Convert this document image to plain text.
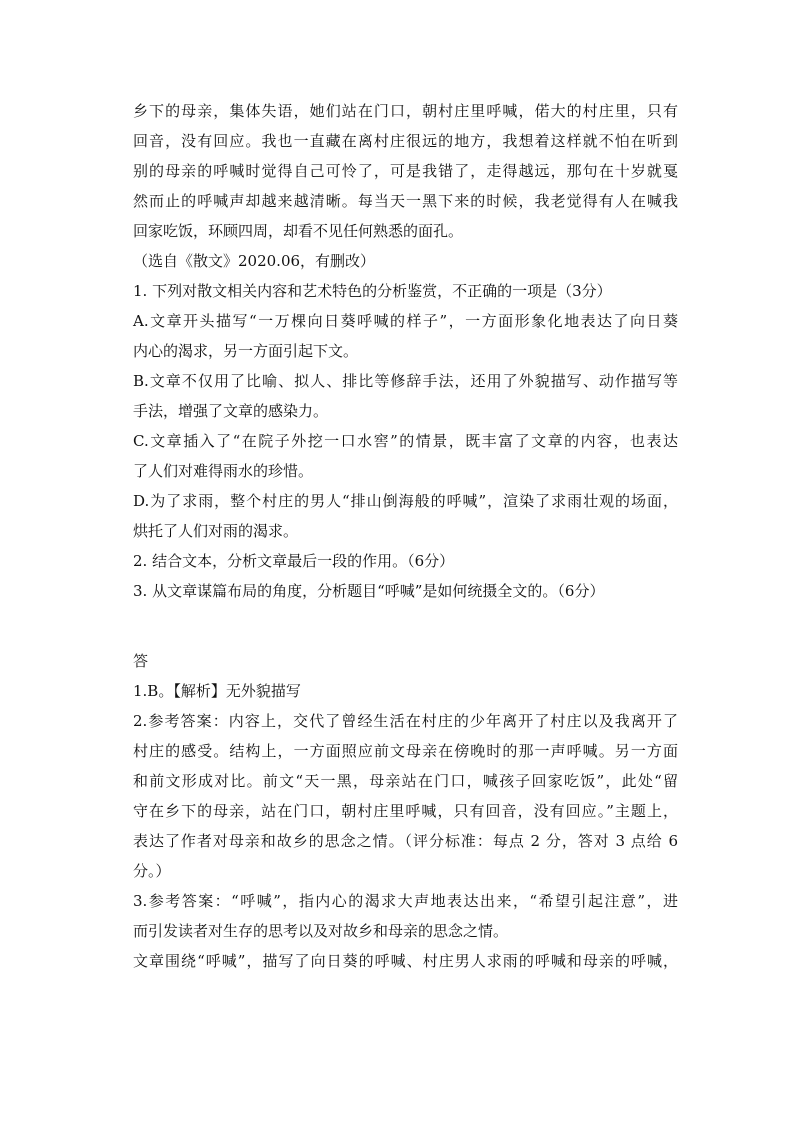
乡下的母亲，集体失语，她们站在门口，朝村庄里呼喊，偌大的村庄里，只有
回音，没有回应。我也一直藏在离村庄很远的地方，我想着这样就不怕在听到
别的母亲的呼喊时觉得自己可怜了，可是我错了，走得越远，那句在十岁就戛
然而止的呼喊声却越来越清晰。每当天一黑下来的时候，我老觉得有人在喊我
回家吃饭，环顾四周，却看不见任何熟悉的面孔。
（选自《散文》2020.06，有删改）
1. 下列对散文相关内容和艺术特色的分析鉴赏，不正确的一项是（3分）
A.文章开头描写“一万棵向日葵呼喊的样子”，一方面形象化地表达了向日葵
内心的渴求，另一方面引起下文。
B.文章不仅用了比喻、拟人、排比等修辞手法，还用了外貌描写、动作描写等
手法，增强了文章的感染力。
C.文章插入了“在院子外挖一口水窖”的情景，既丰富了文章的内容，也表达
了人们对难得雨水的珍惜。
D.为了求雨，整个村庄的男人“排山倒海般的呼喊”，渲染了求雨壮观的场面，
烘托了人们对雨的渴求。
2. 结合文本，分析文章最后一段的作用。（6分）
3. 从文章谋篇布局的角度，分析题目“呼喊”是如何统摄全文的。（6分）
答
1.B。【解析】无外貌描写
2.参考答案：内容上，交代了曾经生活在村庄的少年离开了村庄以及我离开了
村庄的感受。结构上，一方面照应前文母亲在傍晚时的那一声呼喊。另一方面
和前文形成对比。前文“天一黑，母亲站在门口，喊孩子回家吃饭”，此处“留
守在乡下的母亲，站在门口，朝村庄里呼喊，只有回音，没有回应。”主题上，
表达了作者对母亲和故乡的思念之情。（评分标准：每点 2 分，答对 3 点给 6
分。）
3.参考答案：“呼喊”，指内心的渴求大声地表达出来，“希望引起注意”，进
而引发读者对生存的思考以及对故乡和母亲的思念之情。
文章围绕“呼喊”，描写了向日葵的呼喊、村庄男人求雨的呼喊和母亲的呼喊，
